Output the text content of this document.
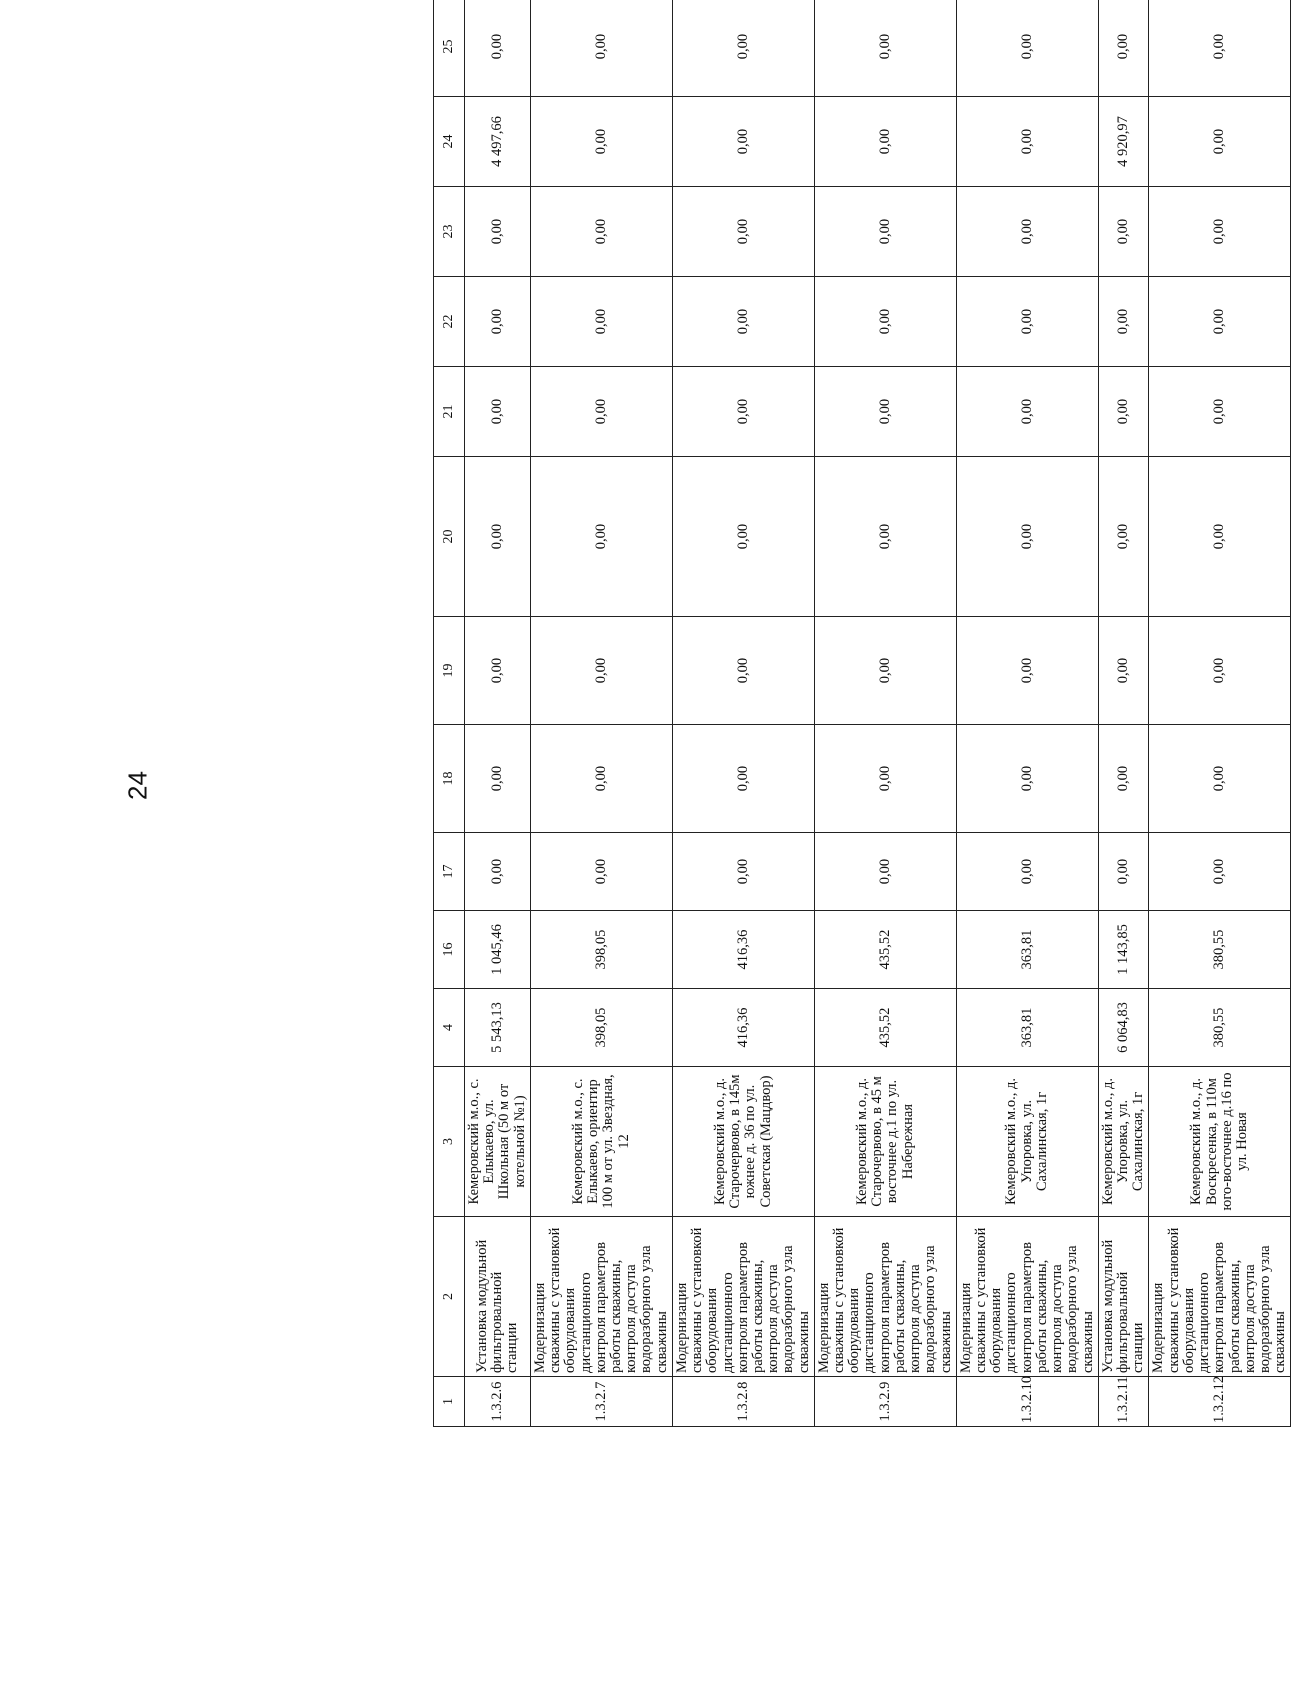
24
1	2	3	4	16	17	18	19	20	21	22	23	24	25
1.3.2.6	Установка модульной фильтровальной станции	Кемеровский м.о., с. Елыкаево, ул. Школьная (50 м от котельной №1)	5 543,13	1 045,46	0,00	0,00	0,00	0,00	0,00	0,00	0,00	4 497,66	0,00
1.3.2.7	Модернизация скважины с установкой оборудования дистанционного контроля параметров работы скважины, контроля доступа водоразборного узла скважины	Кемеровский м.о., с. Елыкаево, ориентир 100 м от ул. Звездная, 12	398,05	398,05	0,00	0,00	0,00	0,00	0,00	0,00	0,00	0,00	0,00
1.3.2.8	Модернизация скважины с установкой оборудования дистанционного контроля параметров работы скважины, контроля доступа водоразборного узла скважины	Кемеровский м.о., д. Старочервово, в 145м южнее д. 36 по ул. Советская (Мацдвор)	416,36	416,36	0,00	0,00	0,00	0,00	0,00	0,00	0,00	0,00	0,00
1.3.2.9	Модернизация скважины с установкой оборудования дистанционного контроля параметров работы скважины, контроля доступа водоразборного узла скважины	Кемеровский м.о., д. Старочервово, в 45 м восточнее д.1 по ул. Набережная	435,52	435,52	0,00	0,00	0,00	0,00	0,00	0,00	0,00	0,00	0,00
1.3.2.10	Модернизация скважины с установкой оборудования дистанционного контроля параметров работы скважины, контроля доступа водоразборного узла скважины	Кемеровский м.о., д. Упоровка, ул. Сахалинская, 1г	363,81	363,81	0,00	0,00	0,00	0,00	0,00	0,00	0,00	0,00	0,00
1.3.2.11	Установка модульной фильтровальной станции	Кемеровский м.о., д. Упоровка, ул. Сахалинская, 1г	6 064,83	1 143,85	0,00	0,00	0,00	0,00	0,00	0,00	0,00	4 920,97	0,00
1.3.2.12	Модернизация скважины с установкой оборудования дистанционного контроля параметров работы скважины, контроля доступа водоразборного узла скважины	Кемеровский м.о., д. Воскресенка, в 110м юго-восточнее д.16 по ул. Новая	380,55	380,55	0,00	0,00	0,00	0,00	0,00	0,00	0,00	0,00	0,00
